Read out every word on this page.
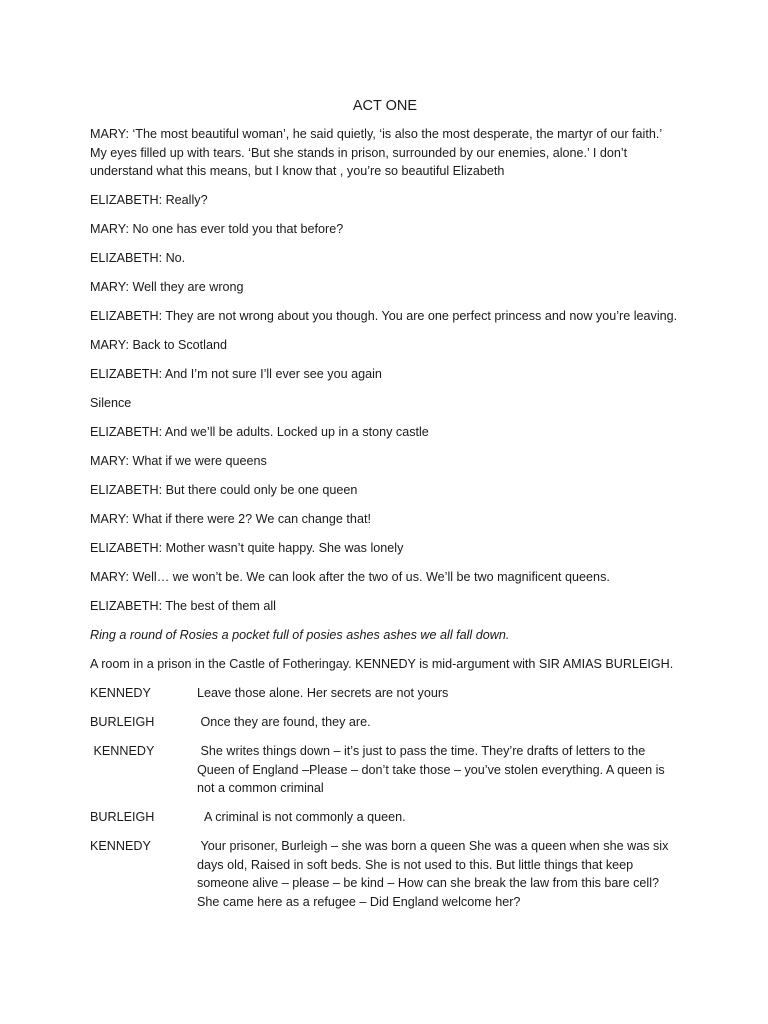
ACT ONE

MARY: ‘The most beautiful woman’, he said quietly, ‘is also the most desperate, the martyr of our faith.’ My eyes filled up with tears. ‘But she stands in prison, surrounded by our enemies, alone.’ I don’t understand what this means, but I know that , you’re so beautiful Elizabeth

ELIZABETH: Really?

MARY: No one has ever told you that before?

ELIZABETH: No.

MARY: Well they are wrong

ELIZABETH: They are not wrong about you though. You are one perfect princess and now you’re leaving.

MARY: Back to Scotland

ELIZABETH: And I’m not sure I’ll ever see you again

Silence

ELIZABETH: And we’ll be adults. Locked up in a stony castle

MARY: What if we were queens

ELIZABETH: But there could only be one queen

MARY: What if there were 2? We can change that!

ELIZABETH: Mother wasn’t quite happy. She was lonely

MARY: Well… we won’t be. We can look after the two of us. We’ll be two magnificent queens.

ELIZABETH: The best of them all

Ring a round of Rosies a pocket full of posies ashes ashes we all fall down.

A room in a prison in the Castle of Fotheringay. KENNEDY is mid-argument with SIR AMIAS BURLEIGH.

KENNEDY	Leave those alone. Her secrets are not yours
BURLEIGH	Once they are found, they are.
KENNEDY	She writes things down – it’s just to pass the time. They’re drafts of letters to the Queen of England –Please – don’t take those – you’ve stolen everything. A queen is not a common criminal
BURLEIGH	A criminal is not commonly a queen.
KENNEDY	Your prisoner, Burleigh – she was born a queen She was a queen when she was six days old, Raised in soft beds. She is not used to this. But little things that keep someone alive – please – be kind – How can she break the law from this bare cell? She came here as a refugee – Did England welcome her?
